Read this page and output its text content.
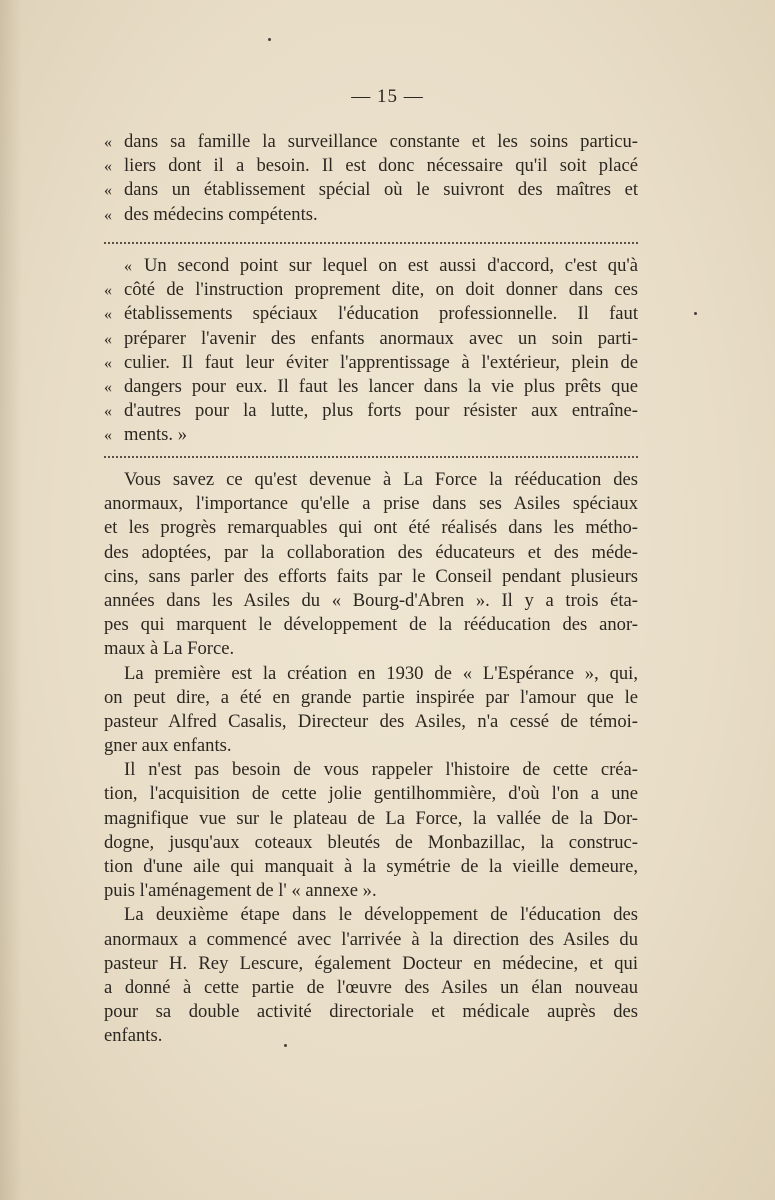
— 15 —
« dans sa famille la surveillance constante et les soins particu-
« liers dont il a besoin. Il est donc nécessaire qu'il soit placé
« dans un établissement spécial où le suivront des maîtres et
« des médecins compétents.
« Un second point sur lequel on est aussi d'accord, c'est qu'à
« côté de l'instruction proprement dite, on doit donner dans ces
« établissements spéciaux l'éducation professionnelle. Il faut
« préparer l'avenir des enfants anormaux avec un soin parti-
« culier. Il faut leur éviter l'apprentissage à l'extérieur, plein de
« dangers pour eux. Il faut les lancer dans la vie plus prêts que
« d'autres pour la lutte, plus forts pour résister aux entraîne-
« ments. »
Vous savez ce qu'est devenue à La Force la rééducation des
anormaux, l'importance qu'elle a prise dans ses Asiles spéciaux
et les progrès remarquables qui ont été réalisés dans les métho-
des adoptées, par la collaboration des éducateurs et des méde-
cins, sans parler des efforts faits par le Conseil pendant plusieurs
années dans les Asiles du « Bourg-d'Abren ». Il y a trois éta-
pes qui marquent le développement de la rééducation des anor-
maux à La Force.
La première est la création en 1930 de « L'Espérance », qui,
on peut dire, a été en grande partie inspirée par l'amour que le
pasteur Alfred Casalis, Directeur des Asiles, n'a cessé de témoi-
gner aux enfants.
Il n'est pas besoin de vous rappeler l'histoire de cette créa-
tion, l'acquisition de cette jolie gentilhommière, d'où l'on a une
magnifique vue sur le plateau de La Force, la vallée de la Dor-
dogne, jusqu'aux coteaux bleutés de Monbazillac, la construc-
tion d'une aile qui manquait à la symétrie de la vieille demeure,
puis l'aménagement de l' « annexe ».
La deuxième étape dans le développement de l'éducation des
anormaux a commencé avec l'arrivée à la direction des Asiles du
pasteur H. Rey Lescure, également Docteur en médecine, et qui
a donné à cette partie de l'œuvre des Asiles un élan nouveau
pour sa double activité directoriale et médicale auprès des
enfants.
